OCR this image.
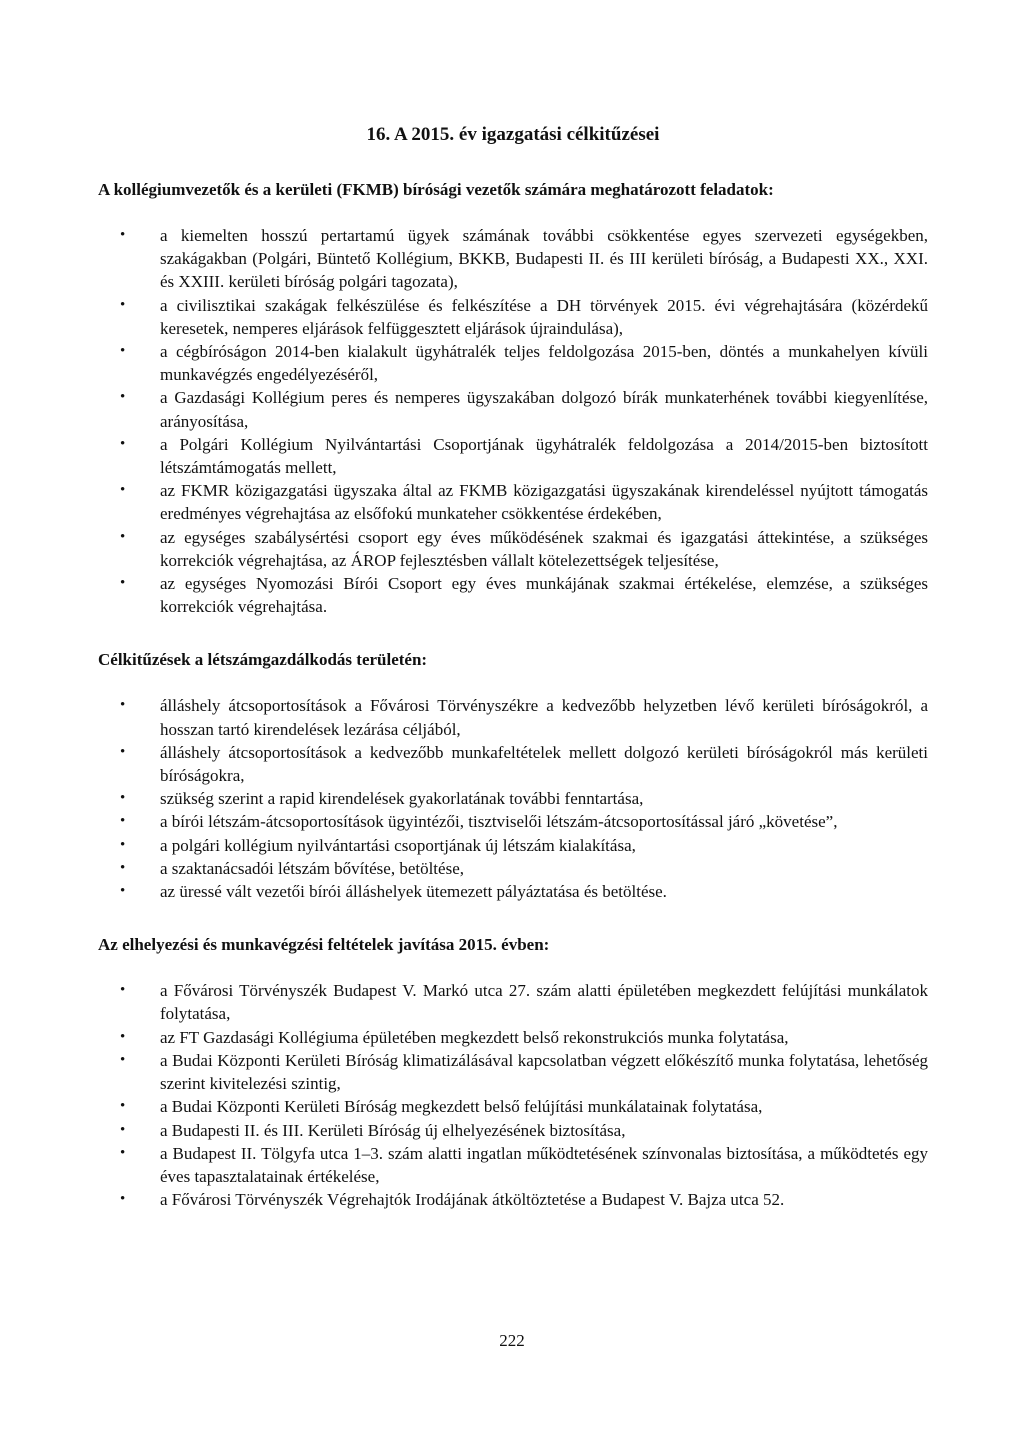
16. A 2015. év igazgatási célkitűzései
A kollégiumvezetők és a kerületi (FKMB) bírósági vezetők számára meghatározott feladatok:
• a kiemelten hosszú pertartamú ügyek számának további csökkentése egyes szervezeti egységekben, szakágakban (Polgári, Büntető Kollégium, BKKB, Budapesti II. és III kerületi bíróság, a Budapesti XX., XXI. és XXIII. kerületi bíróság polgári tagozata),
• a civilisztikai szakágak felkészülése és felkészítése a DH törvények 2015. évi végrehajtására (közérdekű keresetek, nemperes eljárások felfüggesztett eljárások újraindulása),
• a cégbíróságon 2014-ben kialakult ügyhátralék teljes feldolgozása 2015-ben, döntés a munkahelyen kívüli munkavégzés engedélyezéséről,
• a Gazdasági Kollégium peres és nemperes ügyszakában dolgozó bírák munkaterhének további kiegyenlítése, arányosítása,
• a Polgári Kollégium Nyilvántartási Csoportjának ügyhátralék feldolgozása a 2014/2015-ben biztosított létszámtámogatás mellett,
• az FKMR közigazgatási ügyszaka által az FKMB közigazgatási ügyszakának kirendeléssel nyújtott támogatás eredményes végrehajtása az elsőfokú munkateher csökkentése érdekében,
• az egységes szabálysértési csoport egy éves működésének szakmai és igazgatási áttekintése, a szükséges korrekciók végrehajtása, az ÁROP fejlesztésben vállalt kötelezettségek teljesítése,
• az egységes Nyomozási Bírói Csoport egy éves munkájának szakmai értékelése, elemzése, a szükséges korrekciók végrehajtása.
Célkitűzések a létszámgazdálkodás területén:
• álláshely átcsoportosítások a Fővárosi Törvényszékre a kedvezőbb helyzetben lévő kerületi bíróságokról, a hosszan tartó kirendelések lezárása céljából,
• álláshely átcsoportosítások a kedvezőbb munkafeltételek mellett dolgozó kerületi bíróságokról más kerületi bíróságokra,
• szükség szerint a rapid kirendelések gyakorlatának további fenntartása,
• a bírói létszám-átcsoportosítások ügyintézői, tisztviselői létszám-átcsoportosítással járó „követése”,
• a polgári kollégium nyilvántartási csoportjának új létszám kialakítása,
• a szaktanácsadói létszám bővítése, betöltése,
• az üressé vált vezetői bírói álláshelyek ütemezett pályáztatása és betöltése.
Az elhelyezési és munkavégzési feltételek javítása 2015. évben:
• a Fővárosi Törvényszék Budapest V. Markó utca 27. szám alatti épületében megkezdett felújítási munkálatok folytatása,
• az FT Gazdasági Kollégiuma épületében megkezdett belső rekonstrukciós munka folytatása,
• a Budai Központi Kerületi Bíróság klimatizálásával kapcsolatban végzett előkészítő munka folytatása, lehetőség szerint kivitelezési szintig,
• a Budai Központi Kerületi Bíróság megkezdett belső felújítási munkálatainak folytatása,
• a Budapesti II. és III. Kerületi Bíróság új elhelyezésének biztosítása,
• a Budapest II. Tölgyfa utca 1–3. szám alatti ingatlan működtetésének színvonalas biztosítása, a működtetés egy éves tapasztalatainak értékelése,
• a Fővárosi Törvényszék Végrehajtók Irodájának átköltöztetése a Budapest V. Bajza utca 52.
222
